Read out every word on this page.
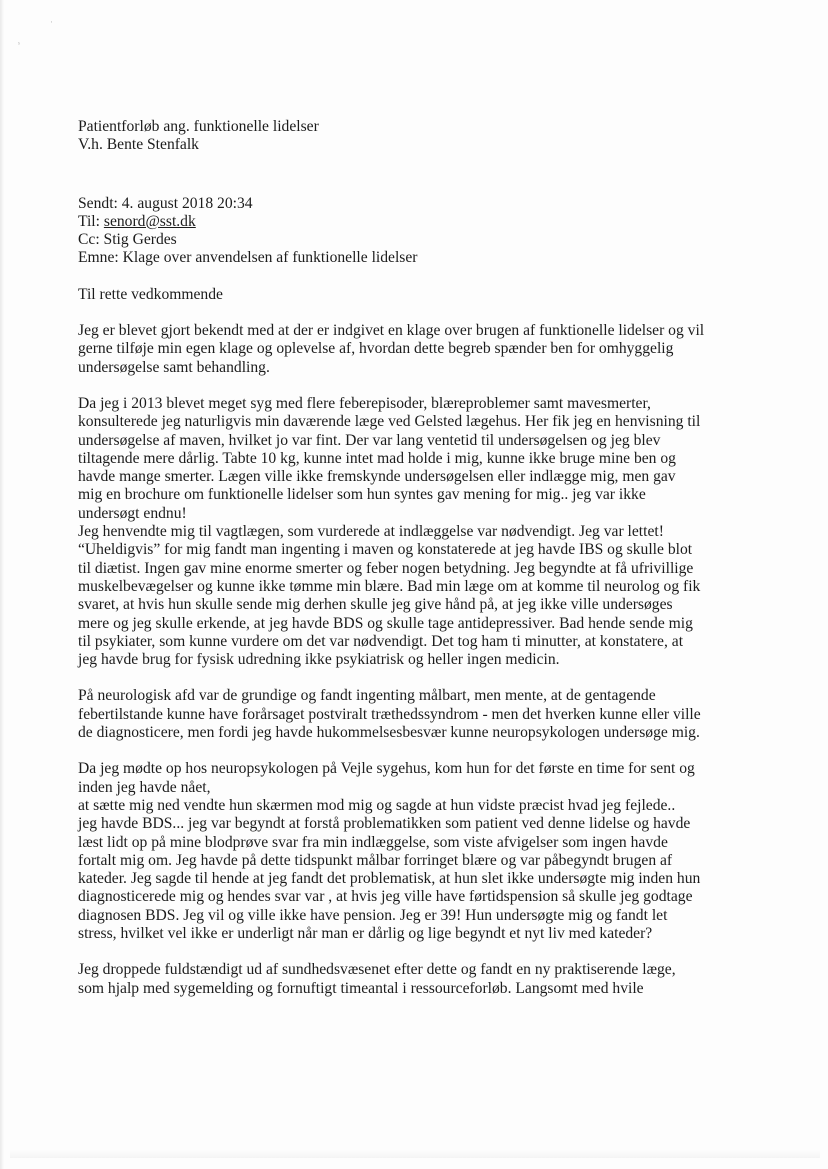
·
ˢ

Patientforløb ang. funktionelle lidelser

V.h. Bente Stenfalk

Sendt: 4. august 2018 20:34

Til: senord@sst.dk

Cc: Stig Gerdes

Emne: Klage over anvendelsen af funktionelle lidelser

Til rette vedkommende

Jeg er blevet gjort bekendt med at der er indgivet en klage over brugen af funktionelle lidelser og vil
gerne tilføje min egen klage og oplevelse af, hvordan dette begreb spænder ben for omhyggelig
undersøgelse samt behandling.

Da jeg i 2013 blevet meget syg med flere feberepisoder, blæreproblemer samt mavesmerter,
konsulterede jeg naturligvis min daværende læge ved Gelsted lægehus. Her fik jeg en henvisning til
undersøgelse af maven, hvilket jo var fint. Der var lang ventetid til undersøgelsen og jeg blev
tiltagende mere dårlig. Tabte 10 kg, kunne intet mad holde i mig, kunne ikke bruge mine ben og
havde mange smerter. Lægen ville ikke fremskynde undersøgelsen eller indlægge mig, men gav
mig en brochure om funktionelle lidelser som hun syntes gav mening for mig.. jeg var ikke
undersøgt endnu!

Jeg henvendte mig til vagtlægen, som vurderede at indlæggelse var nødvendigt. Jeg var lettet!
“Uheldigvis” for mig fandt man ingenting i maven og konstaterede at jeg havde IBS og skulle blot
til diætist. Ingen gav mine enorme smerter og feber nogen betydning. Jeg begyndte at få ufrivillige
muskelbevægelser og kunne ikke tømme min blære. Bad min læge om at komme til neurolog og fik
svaret, at hvis hun skulle sende mig derhen skulle jeg give hånd på, at jeg ikke ville undersøges
mere og jeg skulle erkende, at jeg havde BDS og skulle tage antidepressiver. Bad hende sende mig
til psykiater, som kunne vurdere om det var nødvendigt. Det tog ham ti minutter, at konstatere, at
jeg havde brug for fysisk udredning ikke psykiatrisk og heller ingen medicin.

På neurologisk afd var de grundige og fandt ingenting målbart, men mente, at de gentagende
febertilstande kunne have forårsaget postviralt træthedssyndrom - men det hverken kunne eller ville
de diagnosticere, men fordi jeg havde hukommelsesbesvær kunne neuropsykologen undersøge mig.

Da jeg mødte op hos neuropsykologen på Vejle sygehus, kom hun for det første en time for sent og
inden jeg havde nået,
at sætte mig ned vendte hun skærmen mod mig og sagde at hun vidste præcist hvad jeg fejlede..
jeg havde BDS... jeg var begyndt at forstå problematikken som patient ved denne lidelse og havde
læst lidt op på mine blodprøve svar fra min indlæggelse, som viste afvigelser som ingen havde
fortalt mig om. Jeg havde på dette tidspunkt målbar forringet blære og var påbegyndt brugen af
kateder. Jeg sagde til hende at jeg fandt det problematisk, at hun slet ikke undersøgte mig inden hun
diagnosticerede mig og hendes svar var , at hvis jeg ville have førtidspension så skulle jeg godtage
diagnosen BDS. Jeg vil og ville ikke have pension. Jeg er 39! Hun undersøgte mig og fandt let
stress, hvilket vel ikke er underligt når man er dårlig og lige begyndt et nyt liv med kateder?

Jeg droppede fuldstændigt ud af sundhedsvæsenet efter dette og fandt en ny praktiserende læge,
som hjalp med sygemelding og fornuftigt timeantal i ressourceforløb. Langsomt med hvile
